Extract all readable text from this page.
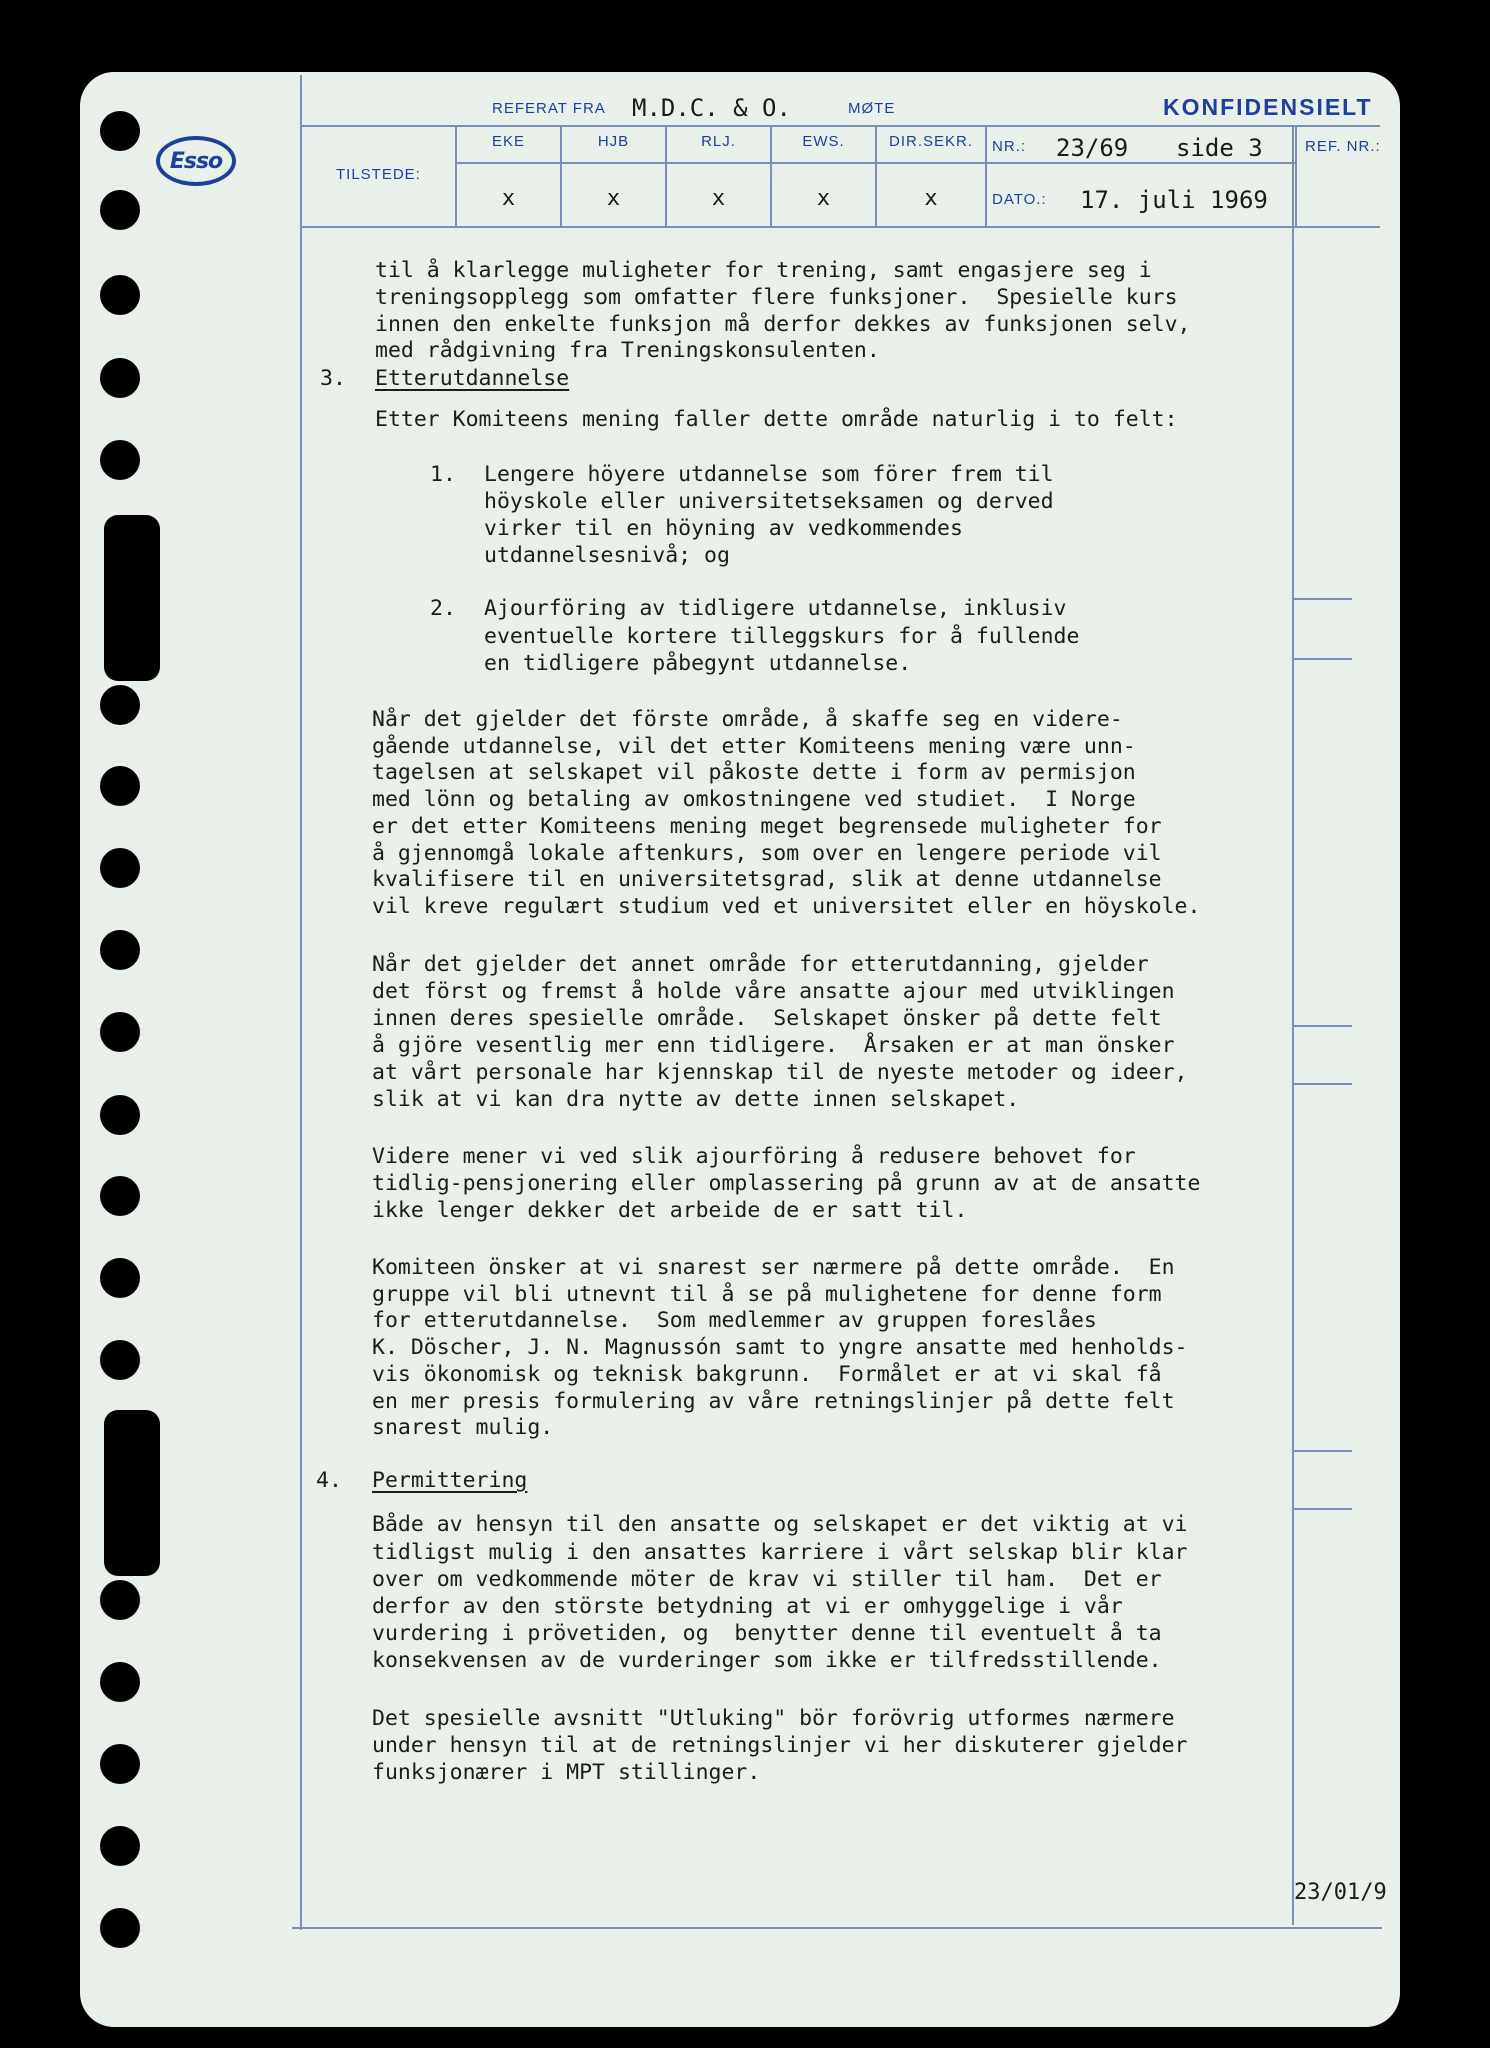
Esso
REFERAT FRA M.D.C. & O.	MØTE	KONFIDENSIELT
TILSTEDE:
EKE	HJB	RLJ.	EWS.	DIR.SEKR.
x	x	x	x	x
NR.: 23/69 side 3
DATO.: 17. juli 1969
REF. NR.:
til å klarlegge muligheter for trening, samt engasjere seg i
treningsopplegg som omfatter flere funksjoner.  Spesielle kurs
innen den enkelte funksjon må derfor dekkes av funksjonen selv,
med rådgivning fra Treningskonsulenten.
3. Etterutdannelse
Etter Komiteens mening faller dette område naturlig i to felt:
1. Lengere höyere utdannelse som förer frem til
höyskole eller universitetseksamen og derved
virker til en höyning av vedkommendes
utdannelsesnivå; og
2. Ajourföring av tidligere utdannelse, inklusiv
eventuelle kortere tilleggskurs for å fullende
en tidligere påbegynt utdannelse.
Når det gjelder det förste område, å skaffe seg en videre-
gående utdannelse, vil det etter Komiteens mening være unn-
tagelsen at selskapet vil påkoste dette i form av permisjon
med lönn og betaling av omkostningene ved studiet.  I Norge
er det etter Komiteens mening meget begrensede muligheter for
å gjennomgå lokale aftenkurs, som over en lengere periode vil
kvalifisere til en universitetsgrad, slik at denne utdannelse
vil kreve regulært studium ved et universitet eller en höyskole.
Når det gjelder det annet område for etterutdanning, gjelder
det först og fremst å holde våre ansatte ajour med utviklingen
innen deres spesielle område.  Selskapet önsker på dette felt
å gjöre vesentlig mer enn tidligere.  Årsaken er at man önsker
at vårt personale har kjennskap til de nyeste metoder og ideer,
slik at vi kan dra nytte av dette innen selskapet.
Videre mener vi ved slik ajourföring å redusere behovet for
tidlig-pensjonering eller omplassering på grunn av at de ansatte
ikke lenger dekker det arbeide de er satt til.
Komiteen önsker at vi snarest ser nærmere på dette område.  En
gruppe vil bli utnevnt til å se på mulighetene for denne form
for etterutdannelse.  Som medlemmer av gruppen foreslåes
K. Döscher, J. N. Magnussón samt to yngre ansatte med henholds-
vis ökonomisk og teknisk bakgrunn.  Formålet er at vi skal få
en mer presis formulering av våre retningslinjer på dette felt
snarest mulig.
4. Permittering
Både av hensyn til den ansatte og selskapet er det viktig at vi
tidligst mulig i den ansattes karriere i vårt selskap blir klar
over om vedkommende möter de krav vi stiller til ham.  Det er
derfor av den störste betydning at vi er omhyggelige i vår
vurdering i prövetiden, og  benytter denne til eventuelt å ta
konsekvensen av de vurderinger som ikke er tilfredsstillende.
Det spesielle avsnitt "Utluking" bör forövrig utformes nærmere
under hensyn til at de retningslinjer vi her diskuterer gjelder
funksjonærer i MPT stillinger.
23/01/9
